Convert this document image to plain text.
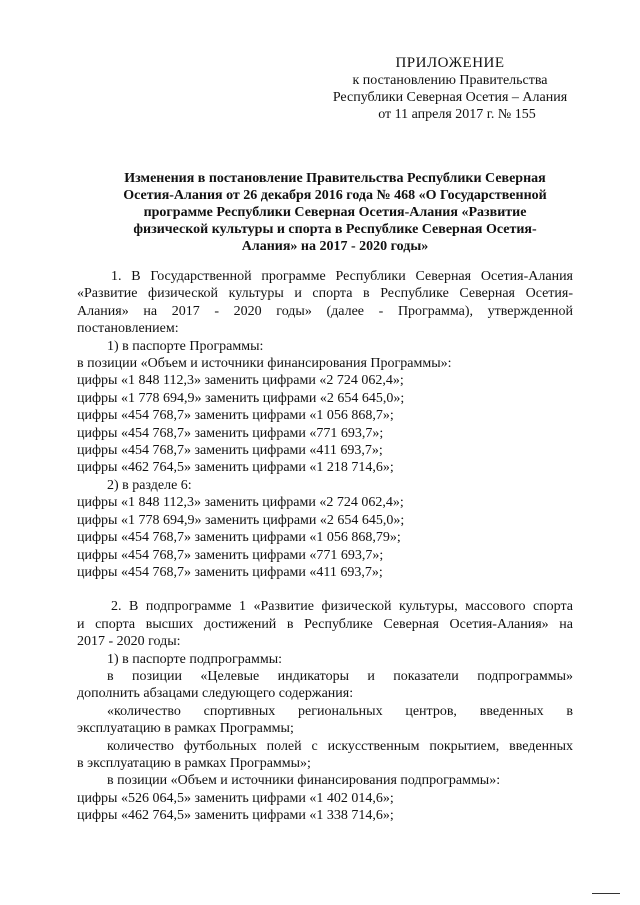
ПРИЛОЖЕНИЕ
к постановлению Правительства
Республики Северная Осетия – Алания
от 11 апреля 2017 г. № 155
Изменения в постановление Правительства Республики Северная
Осетия-Алания от 26 декабря 2016 года № 468 «О Государственной
программе Республики Северная Осетия-Алания «Развитие
физической культуры и спорта в Республике Северная Осетия-
Алания» на 2017 - 2020 годы»

1. В Государственной программе Республики Северная Осетия-Алания

«Развитие физической культуры и спорта в Республике Северная Осетия-

Алания» на 2017 - 2020 годы» (далее - Программа), утвержденной

постановлением:

1) в паспорте Программы:

в позиции «Объем и источники финансирования Программы»:

цифры «1 848 112,3» заменить цифрами «2 724 062,4»;

цифры «1 778 694,9» заменить цифрами «2 654 645,0»;

цифры «454 768,7» заменить цифрами «1 056 868,7»;

цифры «454 768,7» заменить цифрами «771 693,7»;

цифры «454 768,7» заменить цифрами «411 693,7»;

цифры «462 764,5» заменить цифрами «1 218 714,6»;

2) в разделе 6:

цифры «1 848 112,3» заменить цифрами «2 724 062,4»;

цифры «1 778 694,9» заменить цифрами «2 654 645,0»;

цифры «454 768,7» заменить цифрами «1 056 868,79»;

цифры «454 768,7» заменить цифрами «771 693,7»;

цифры «454 768,7» заменить цифрами «411 693,7»;

2. В подпрограмме 1 «Развитие физической культуры, массового спорта

и спорта высших достижений в Республике Северная Осетия-Алания» на

2017 - 2020 годы:

1) в паспорте подпрограммы:

в позиции «Целевые индикаторы и показатели подпрограммы»

дополнить абзацами следующего содержания:

«количество спортивных региональных центров, введенных в

эксплуатацию в рамках Программы;

количество футбольных полей с искусственным покрытием, введенных

в эксплуатацию в рамках Программы»;

в позиции «Объем и источники финансирования подпрограммы»:

цифры «526 064,5» заменить цифрами «1 402 014,6»;

цифры «462 764,5» заменить цифрами «1 338 714,6»;
